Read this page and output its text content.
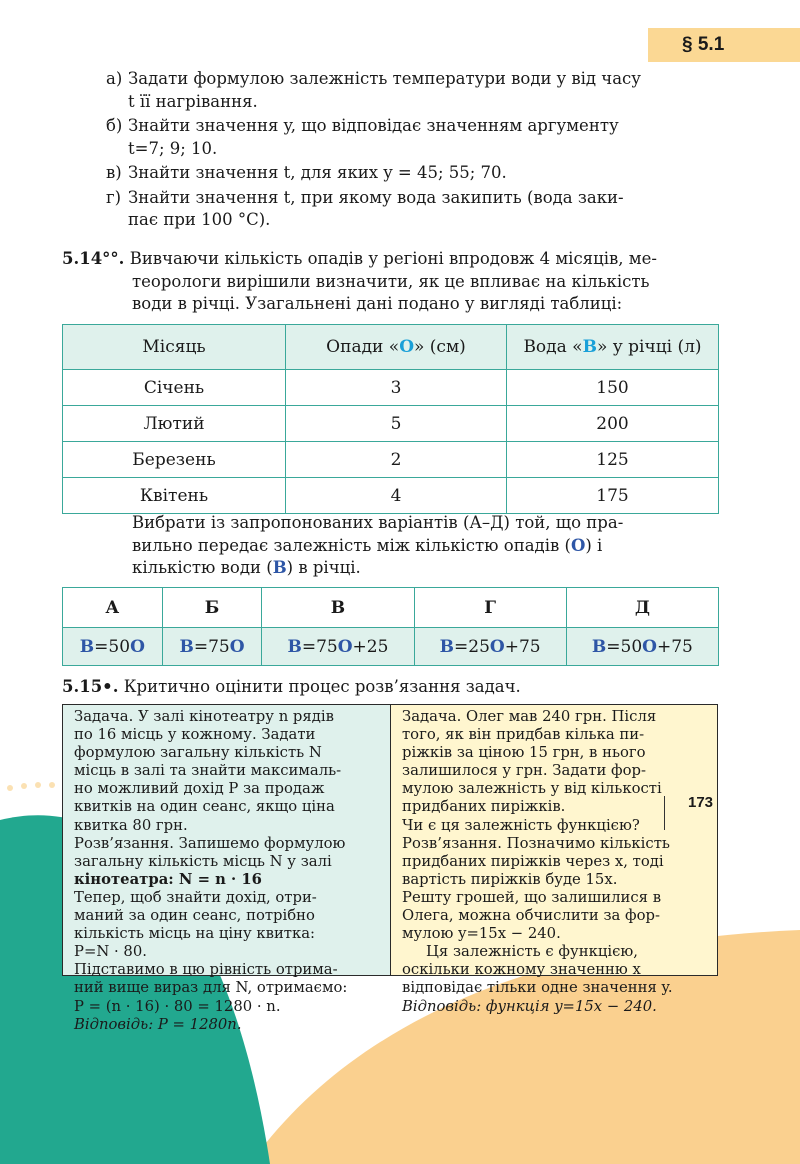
§ 5.1
а) Задати формулою залежність температури води y від часу
t її нагрівання.
б) Знайти значення y, що відповідає значенням аргументу
t=7; 9; 10.
в) Знайти значення t, для яких y = 45; 55; 70.
г) Знайти значення t, при якому вода закипить (вода заки-
пає при 100 °С).
5.14°°. Вивчаючи кількість опадів у регіоні впродовж 4 місяців, ме-
теорологи вирішили визначити, як це впливає на кількість
води в річці. Узагальнені дані подано у вигляді таблиці:
Місяць	Опади «О» (см)	Вода «В» у річці (л)
Січень	3	150
Лютий	5	200
Березень	2	125
Квітень	4	175
Вибрати із запропонованих варіантів (А–Д) той, що пра-
вильно передає залежність між кількістю опадів (О) і
кількістю води (В) в річці.
А	Б	В	Г	Д
В=50О	В=75О	В=75О+25	В=25О+75	В=50О+75
5.15•. Критично оцінити процес розв’язання задач.
Задача. У залі кінотеатру n рядів
по 16 місць у кожному. Задати
формулою загальну кількість N
місць в залі та знайти максималь-
но можливий дохід P за продаж
квитків на один сеанс, якщо ціна
квитка 80 грн.
Розв’язання. Запишемо формулою
загальну кількість місць N у залі
кінотеатра: N = n · 16
Тепер, щоб знайти дохід, отри-
маний за один сеанс, потрібно
кількість місць на ціну квитка:
P=N · 80.
Підставимо в цю рівність отрима-
ний вище вираз для N, отримаємо:
P = (n · 16) · 80 = 1280 · n.
Відповідь: P = 1280n.
Задача. Олег мав 240 грн. Після
того, як він придбав кілька пи-
ріжків за ціною 15 грн, в нього
залишилося у грн. Задати фор-
мулою залежність у від кількості
придбаних пиріжків.
Чи є ця залежність функцією?
Розв’язання. Позначимо кількість
придбаних пиріжків через x, тоді
вартість пиріжків буде 15x.
Решту грошей, що залишилися в
Олега, можна обчислити за фор-
мулою y=15x − 240.
Ця залежність є функцією,
оскільки кожному значенню x
відповідає тільки одне значення y.
Відповідь: функція y=15x − 240.
173
